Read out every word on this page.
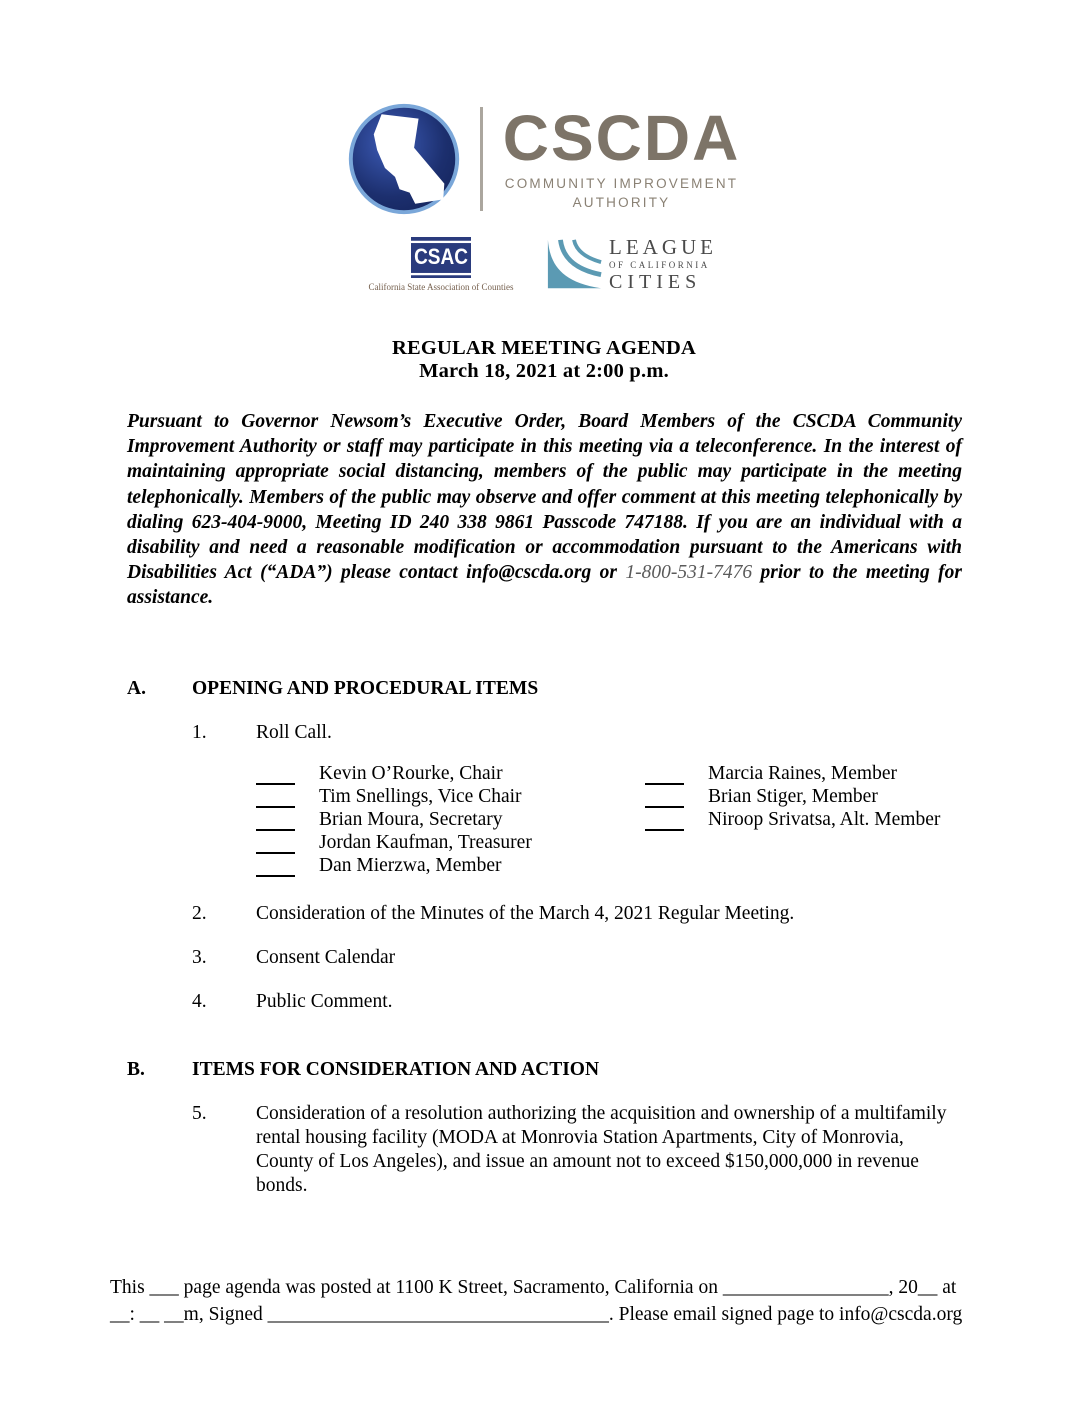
CSCDA
COMMUNITY IMPROVEMENT
AUTHORITY
CSAC
California State Association of Counties
LEAGUE
OF CALIFORNIA
CITIES
REGULAR MEETING AGENDA
March 18, 2021 at 2:00 p.m.

Pursuant to Governor Newsom’s Executive Order, Board Members of the CSCDA Community Improvement Authority or staff may participate in this meeting via a teleconference. In the interest of maintaining appropriate social distancing, members of the public may participate in the meeting telephonically. Members of the public may observe and offer comment at this meeting telephonically by dialing 623-404-9000, Meeting ID 240 338 9861 Passcode 747188. If you are an individual with a disability and need a reasonable modification or accommodation pursuant to the Americans with Disabilities Act (“ADA”) please contact info@cscda.org or 1-800-531-7476 prior to the meeting for assistance.

A.	OPENING AND PROCEDURAL ITEMS
1.	Roll Call.
Kevin O’Rourke, Chair
Tim Snellings, Vice Chair
Brian Moura, Secretary
Jordan Kaufman, Treasurer
Dan Mierzwa, Member
Marcia Raines, Member
Brian Stiger, Member
Niroop Srivatsa, Alt. Member
2.	Consideration of the Minutes of the March 4, 2021 Regular Meeting.
3.	Consent Calendar
4.	Public Comment.
B.	ITEMS FOR CONSIDERATION AND ACTION
5.	Consideration of a resolution authorizing the acquisition and ownership of a multifamily rental housing facility (MODA at Monrovia Station Apartments, City of Monrovia, County of Los Angeles), and issue an amount not to exceed $150,000,000 in revenue bonds.
This ___ page agenda was posted at 1100 K Street, Sacramento, California on _________________, 20__ at
__: __ __m, Signed ___________________________________. Please email signed page to info@cscda.org
